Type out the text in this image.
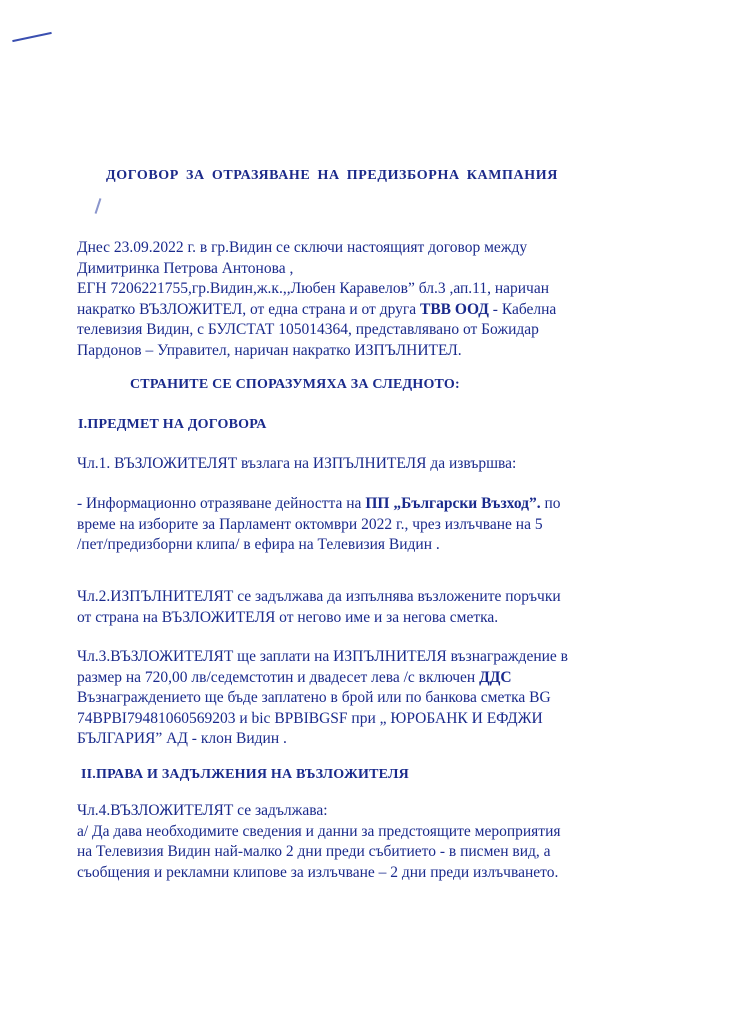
ДОГОВОР ЗА ОТРАЗЯВАНЕ НА ПРЕДИЗБОРНА КАМПАНИЯ
Днес 23.09.2022 г. в гр.Видин се сключи настоящият договор между
Димитринка Петрова Антонова ,
ЕГН 7206221755,гр.Видин,ж.к.,,Любен Каравелов” бл.3 ,ап.11, наричан
накратко ВЪЗЛОЖИТЕЛ, от една страна и от друга ТВВ ООД - Кабелна
телевизия Видин, с БУЛСТАТ 105014364, представлявано от Божидар
Пардонов – Управител, наричан накратко ИЗПЪЛНИТЕЛ.
СТРАНИТЕ СЕ СПОРАЗУМЯХА ЗА СЛЕДНОТО:
I.ПРЕДМЕТ НА ДОГОВОРА
Чл.1. ВЪЗЛОЖИТЕЛЯТ възлага на ИЗПЪЛНИТЕЛЯ да извършва:
- Информационно отразяване дейността на ПП „Български Възход”. по
време на изборите за Парламент октомври 2022 г., чрез излъчване на 5
/пет/предизборни клипа/ в ефира на Телевизия Видин .
Чл.2.ИЗПЪЛНИТЕЛЯТ се задължава да изпълнява възложените поръчки
от страна на ВЪЗЛОЖИТЕЛЯ от негово име и за негова сметка.
Чл.3.ВЪЗЛОЖИТЕЛЯТ ще заплати на ИЗПЪЛНИТЕЛЯ възнаграждение в
размер на 720,00 лв/седемстотин и двадесет лева /с включен ДДС
Възнаграждението ще бъде заплатено в брой или по банкова сметка BG
74BPBI79481060569203 и bic BPBIBGSF при „ ЮРОБАНК И ЕФДЖИ
БЪЛГАРИЯ” АД - клон Видин .
II.ПРАВА И ЗАДЪЛЖЕНИЯ НА ВЪЗЛОЖИТЕЛЯ
Чл.4.ВЪЗЛОЖИТЕЛЯТ се задължава:
а/ Да дава необходимите сведения и данни за предстоящите мероприятия
на Телевизия Видин най-малко 2 дни преди събитието - в писмен вид, а
съобщения и рекламни клипове за излъчване – 2 дни преди излъчването.
